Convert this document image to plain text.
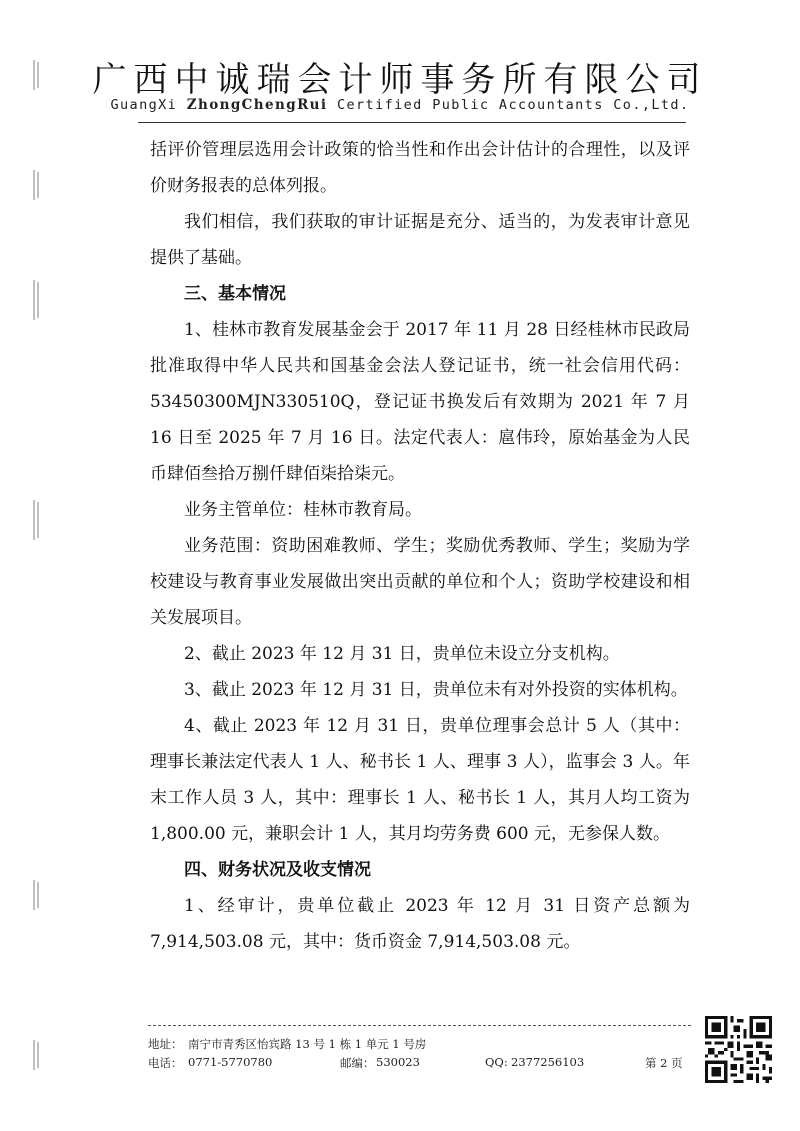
广西中诚瑞会计师事务所有限公司
GuangXi ZhongChengRui Certified Public Accountants Co.,Ltd.

括评价管理层选用会计政策的恰当性和作出会计估计的合理性，以及评价财务报表的总体列报。

我们相信，我们获取的审计证据是充分、适当的，为发表审计意见提供了基础。

三、基本情况

1、桂林市教育发展基金会于 2017 年 11 月 28 日经桂林市民政局批准取得中华人民共和国基金会法人登记证书，统一社会信用代码：53450300MJN330510Q，登记证书换发后有效期为 2021 年 7 月 16 日至 2025 年 7 月 16 日。法定代表人：扈伟玲，原始基金为人民币肆佰叁拾万捌仟肆佰柒拾柒元。

业务主管单位：桂林市教育局。

业务范围：资助困难教师、学生；奖励优秀教师、学生；奖励为学校建设与教育事业发展做出突出贡献的单位和个人；资助学校建设和相关发展项目。

2、截止 2023 年 12 月 31 日，贵单位未设立分支机构。

3、截止 2023 年 12 月 31 日，贵单位未有对外投资的实体机构。

4、截止 2023 年 12 月 31 日，贵单位理事会总计 5 人（其中：理事长兼法定代表人 1 人、秘书长 1 人、理事 3 人），监事会 3 人。年末工作人员 3 人，其中：理事长 1 人、秘书长 1 人，其月人均工资为 1,800.00 元，兼职会计 1 人，其月均劳务费 600 元，无参保人数。

四、财务状况及收支情况

1、经审计，贵单位截止 2023 年 12 月 31 日资产总额为 7,914,503.08 元，其中：货币资金 7,914,503.08 元。

地址： 南宁市青秀区怡宾路 13 号 1 栋 1 单元 1 号房
电话： 0771-5770780	邮编： 530023	QQ: 2377256103	第 2 页
